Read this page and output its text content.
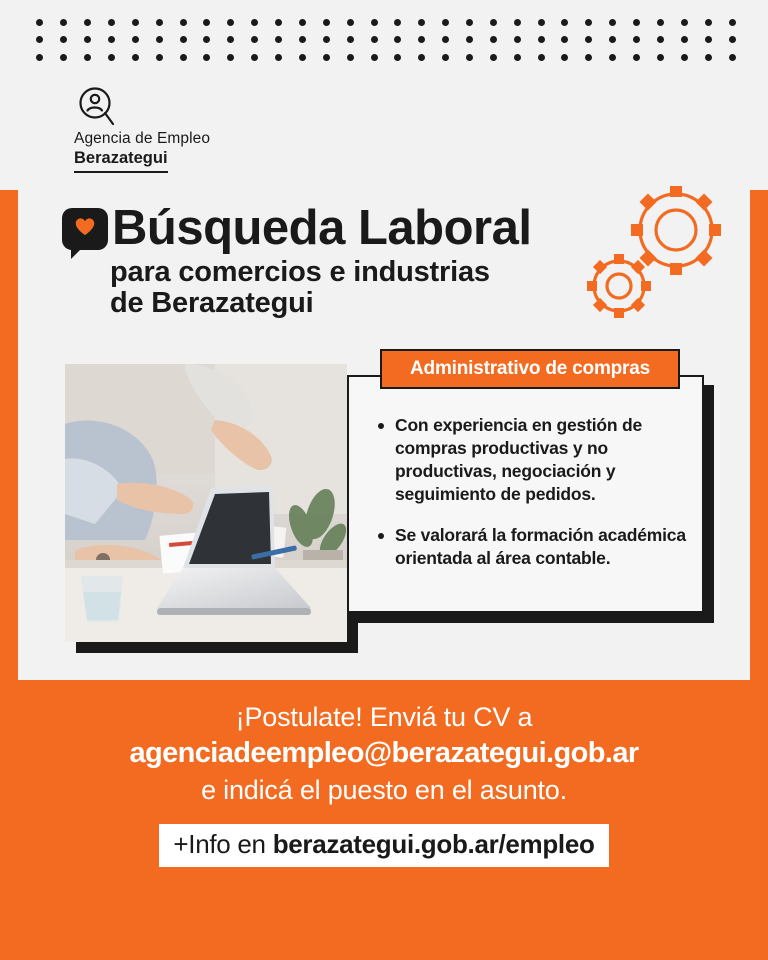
Agencia de Empleo
Berazategui
Búsqueda Laboral
para comercios e industrias
de Berazategui
Administrativo de compras
Con experiencia en gestión de compras productivas y no productivas, negociación y seguimiento de pedidos.
Se valorará la formación académica orientada al área contable.
¡Postulate! Enviá tu CV a
agenciadeempleo@berazategui.gob.ar
e indicá el puesto en el asunto.
+Info en berazategui.gob.ar/empleo
